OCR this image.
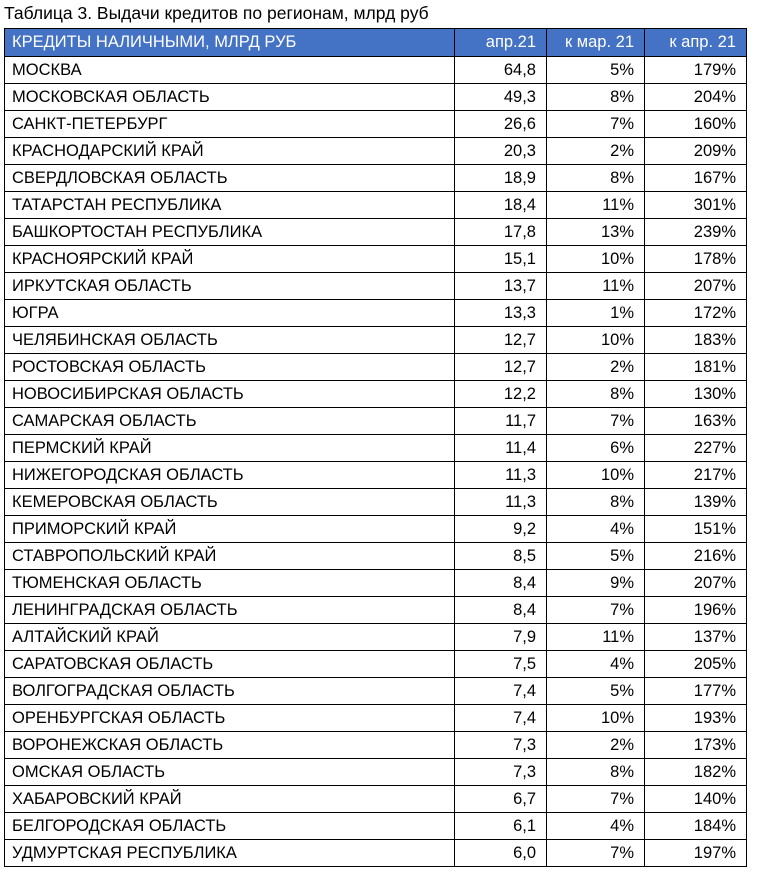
Таблица 3. Выдачи кредитов по регионам, млрд руб
КРЕДИТЫ НАЛИЧНЫМИ, МЛРД РУБ	апр.21	к мар. 21	к апр. 21
МОСКВА	64,8	5%	179%
МОСКОВСКАЯ ОБЛАСТЬ	49,3	8%	204%
САНКТ-ПЕТЕРБУРГ	26,6	7%	160%
КРАСНОДАРСКИЙ КРАЙ	20,3	2%	209%
СВЕРДЛОВСКАЯ ОБЛАСТЬ	18,9	8%	167%
ТАТАРСТАН РЕСПУБЛИКА	18,4	11%	301%
БАШКОРТОСТАН РЕСПУБЛИКА	17,8	13%	239%
КРАСНОЯРСКИЙ КРАЙ	15,1	10%	178%
ИРКУТСКАЯ ОБЛАСТЬ	13,7	11%	207%
ЮГРА	13,3	1%	172%
ЧЕЛЯБИНСКАЯ ОБЛАСТЬ	12,7	10%	183%
РОСТОВСКАЯ ОБЛАСТЬ	12,7	2%	181%
НОВОСИБИРСКАЯ ОБЛАСТЬ	12,2	8%	130%
САМАРСКАЯ ОБЛАСТЬ	11,7	7%	163%
ПЕРМСКИЙ КРАЙ	11,4	6%	227%
НИЖЕГОРОДСКАЯ ОБЛАСТЬ	11,3	10%	217%
КЕМЕРОВСКАЯ ОБЛАСТЬ	11,3	8%	139%
ПРИМОРСКИЙ КРАЙ	9,2	4%	151%
СТАВРОПОЛЬСКИЙ КРАЙ	8,5	5%	216%
ТЮМЕНСКАЯ ОБЛАСТЬ	8,4	9%	207%
ЛЕНИНГРАДСКАЯ ОБЛАСТЬ	8,4	7%	196%
АЛТАЙСКИЙ КРАЙ	7,9	11%	137%
САРАТОВСКАЯ ОБЛАСТЬ	7,5	4%	205%
ВОЛГОГРАДСКАЯ ОБЛАСТЬ	7,4	5%	177%
ОРЕНБУРГСКАЯ ОБЛАСТЬ	7,4	10%	193%
ВОРОНЕЖСКАЯ ОБЛАСТЬ	7,3	2%	173%
ОМСКАЯ ОБЛАСТЬ	7,3	8%	182%
ХАБАРОВСКИЙ КРАЙ	6,7	7%	140%
БЕЛГОРОДСКАЯ ОБЛАСТЬ	6,1	4%	184%
УДМУРТСКАЯ РЕСПУБЛИКА	6,0	7%	197%
